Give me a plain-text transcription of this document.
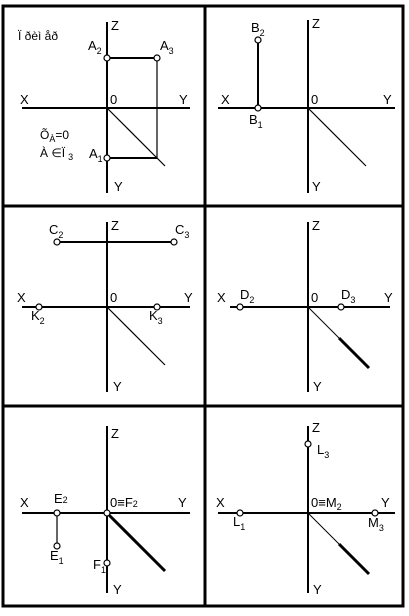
Ï ðèì åð
Z
X	Y
0
Y
$A_2$	$A_3$
$A_1$
$Õ_À=0$
À ∈Ï $_3$
Z
X	Y
0
Y
$B_2$
$B_1$
Z
X	Y
0
Y
$C_2$	$C_3$
$K_2$	$K_3$
Z
X	Y
0
Y
$D_2$	$D_3$
Z
X	Y
0≡F2
Y
E2
$E_1$ $F_1$
Z
X	Y
$0\equiv M_2$
Y
$L_3$
$L_1$	$M_3$
